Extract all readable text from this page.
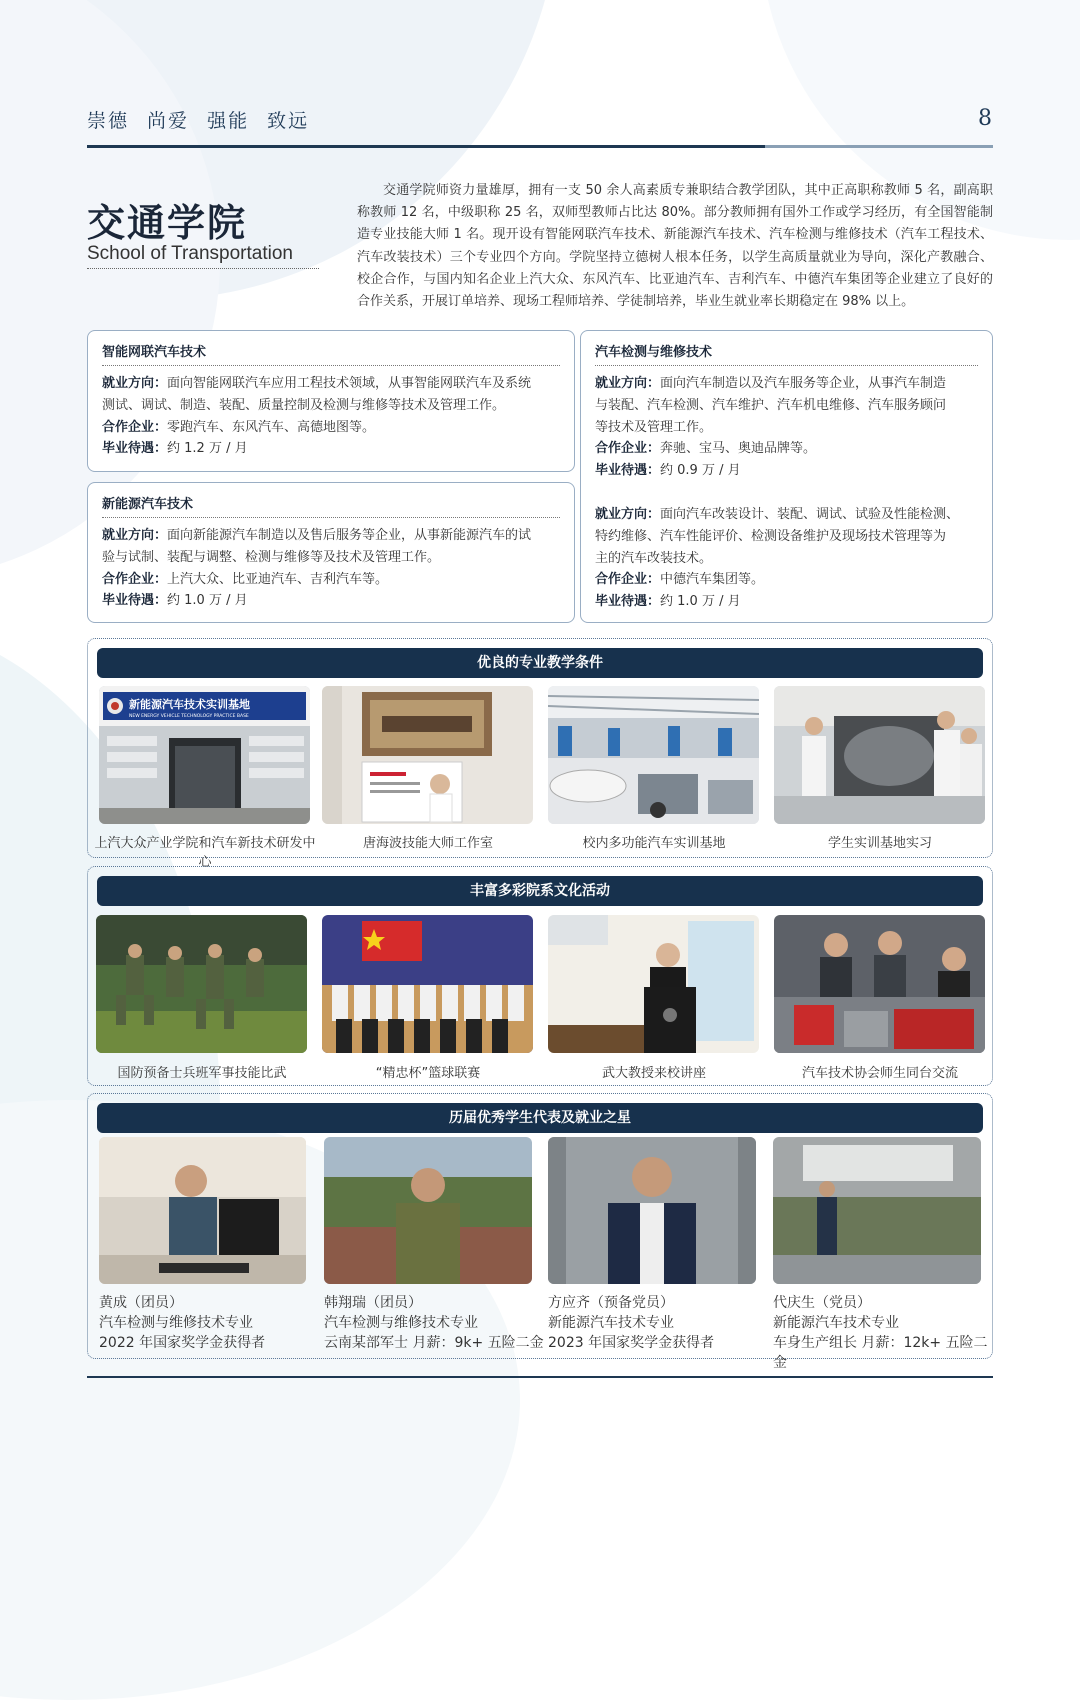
崇德 尚爱 强能 致远	8
交通学院
School of Transportation
交通学院师资力量雄厚，拥有一支 50 余人高素质专兼职结合教学团队，其中正高职称教师 5 名，副高职称教师 12 名，中级职称 25 名，双师型教师占比达 80%。部分教师拥有国外工作或学习经历，有全国智能制造专业技能大师 1 名。现开设有智能网联汽车技术、新能源汽车技术、汽车检测与维修技术（汽车工程技术、汽车改装技术）三个专业四个方向。学院坚持立德树人根本任务，以学生高质量就业为导向，深化产教融合、校企合作，与国内知名企业上汽大众、东风汽车、比亚迪汽车、吉利汽车、中德汽车集团等企业建立了良好的合作关系，开展订单培养、现场工程师培养、学徒制培养，毕业生就业率长期稳定在 98% 以上。
智能网联汽车技术
就业方向：面向智能网联汽车应用工程技术领域，从事智能网联汽车及系统
测试、调试、制造、装配、质量控制及检测与维修等技术及管理工作。
合作企业：零跑汽车、东风汽车、高德地图等。
毕业待遇：约 1.2 万 / 月
新能源汽车技术
就业方向：面向新能源汽车制造以及售后服务等企业，从事新能源汽车的试
验与试制、装配与调整、检测与维修等及技术及管理工作。
合作企业：上汽大众、比亚迪汽车、吉利汽车等。
毕业待遇：约 1.0 万 / 月
汽车检测与维修技术
就业方向：面向汽车制造以及汽车服务等企业，从事汽车制造
与装配、汽车检测、汽车维护、汽车机电维修、汽车服务顾问
等技术及管理工作。
合作企业：奔驰、宝马、奥迪品牌等。
毕业待遇：约 0.9 万 / 月
就业方向：面向汽车改装设计、装配、调试、试验及性能检测、
特约维修、汽车性能评价、检测设备维护及现场技术管理等为
主的汽车改装技术。
合作企业：中德汽车集团等。
毕业待遇：约 1.0 万 / 月
优良的专业教学条件
新能源汽车技术实训基地
NEW ENERGY VEHICLE TECHNOLOGY PRACTICE BASE
上汽大众产业学院和汽车新技术研发中心
唐海波技能大师工作室	校内多功能汽车实训基地	学生实训基地实习
丰富多彩院系文化活动
国防预备士兵班军事技能比武	“精忠杯”篮球联赛	武大教授来校讲座	汽车技术协会师生同台交流
历届优秀学生代表及就业之星
黄成（团员）
汽车检测与维修技术专业
2022 年国家奖学金获得者
韩翔瑞（团员）
汽车检测与维修技术专业
云南某部军士 月薪：9k+ 五险二金
方应齐（预备党员）
新能源汽车技术专业
2023 年国家奖学金获得者
代庆生（党员）
新能源汽车技术专业
车身生产组长 月薪：12k+ 五险二金
